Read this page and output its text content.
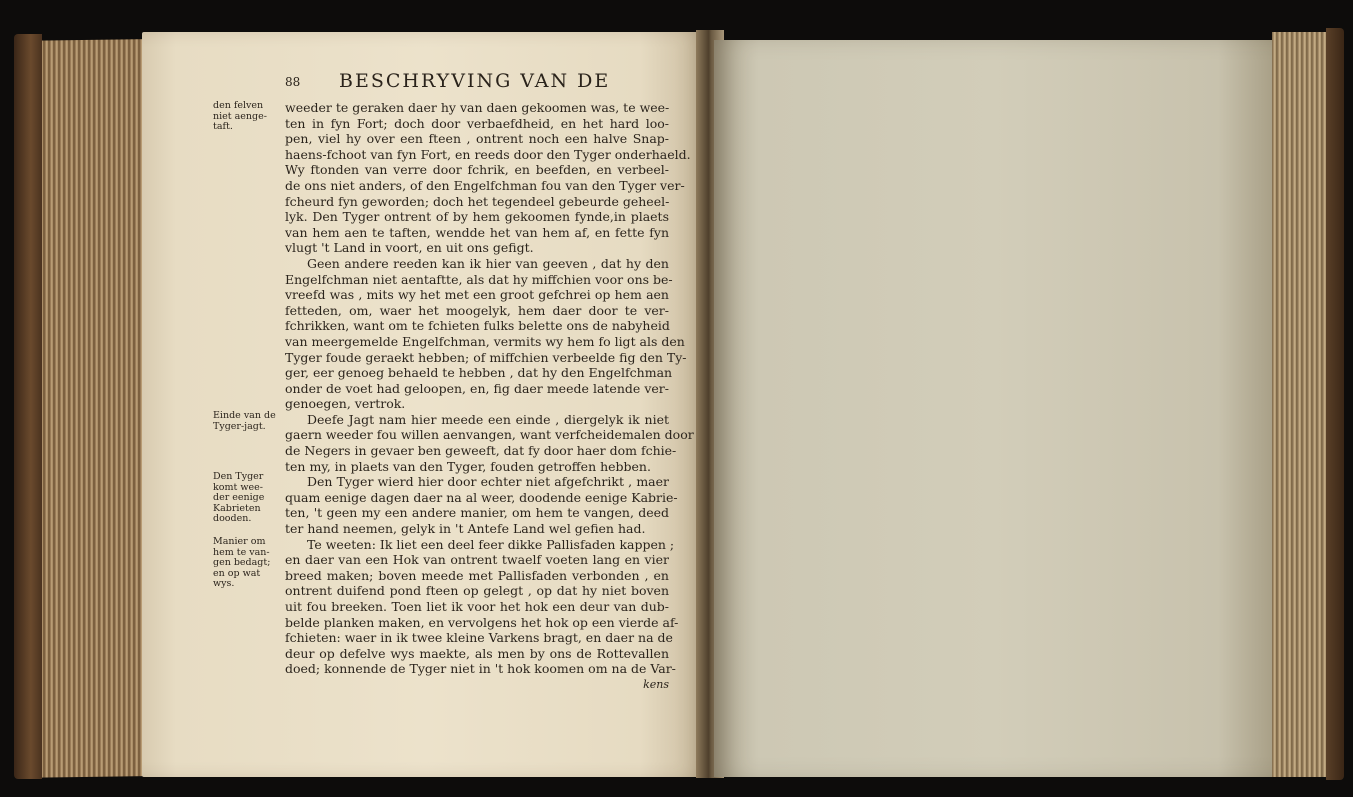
88 BESCHRYVING VAN DE
den felven
niet aenge-
taft.
Einde van de
Tyger-jagt.
Den Tyger
komt wee-
der eenige
Kabrieten
dooden.
Manier om
hem te van-
gen bedagt;
en op wat
wys.
weeder te geraken daer hy van daen gekoomen was, te wee-
ten in fyn Fort; doch door verbaefdheid, en het hard loo-
pen, viel hy over een fteen , ontrent noch een halve Snap-
haens-fchoot van fyn Fort, en reeds door den Tyger onderhaeld.
Wy ftonden van verre door fchrik, en beefden, en verbeel-
de ons niet anders, of den Engelfchman fou van den Tyger ver-
fcheurd fyn geworden; doch het tegendeel gebeurde geheel-
lyk. Den Tyger ontrent of by hem gekoomen fynde,in plaets
van hem aen te taften, wendde het van hem af, en fette fyn
vlugt 't Land in voort, en uit ons gefigt.
Geen andere reeden kan ik hier van geeven , dat hy den
Engelfchman niet aentaftte, als dat hy miffchien voor ons be-
vreefd was , mits wy het met een groot gefchrei op hem aen
fetteden, om, waer het moogelyk, hem daer door te ver-
fchrikken, want om te fchieten fulks belette ons de nabyheid
van meergemelde Engelfchman, vermits wy hem fo ligt als den
Tyger foude geraekt hebben; of miffchien verbeelde fig den Ty-
ger, eer genoeg behaeld te hebben , dat hy den Engelfchman
onder de voet had geloopen, en, fig daer meede latende ver-
genoegen, vertrok.
Deefe Jagt nam hier meede een einde , diergelyk ik niet
gaern weeder fou willen aenvangen, want verfcheidemalen door
de Negers in gevaer ben geweeft, dat fy door haer dom fchie-
ten my, in plaets van den Tyger, fouden getroffen hebben.
Den Tyger wierd hier door echter niet afgefchrikt , maer
quam eenige dagen daer na al weer, doodende eenige Kabrie-
ten, 't geen my een andere manier, om hem te vangen, deed
ter hand neemen, gelyk in 't Antefe Land wel gefien had.
Te weeten: Ik liet een deel feer dikke Pallisfaden kappen ;
en daer van een Hok van ontrent twaelf voeten lang en vier
breed maken; boven meede met Pallisfaden verbonden , en
ontrent duifend pond fteen op gelegt , op dat hy niet boven
uit fou breeken. Toen liet ik voor het hok een deur van dub-
belde planken maken, en vervolgens het hok op een vierde af-
fchieten: waer in ik twee kleine Varkens bragt, en daer na de
deur op defelve wys maekte, als men by ons de Rottevallen
doed; konnende de Tyger niet in 't hok koomen om na de Var-
kens
